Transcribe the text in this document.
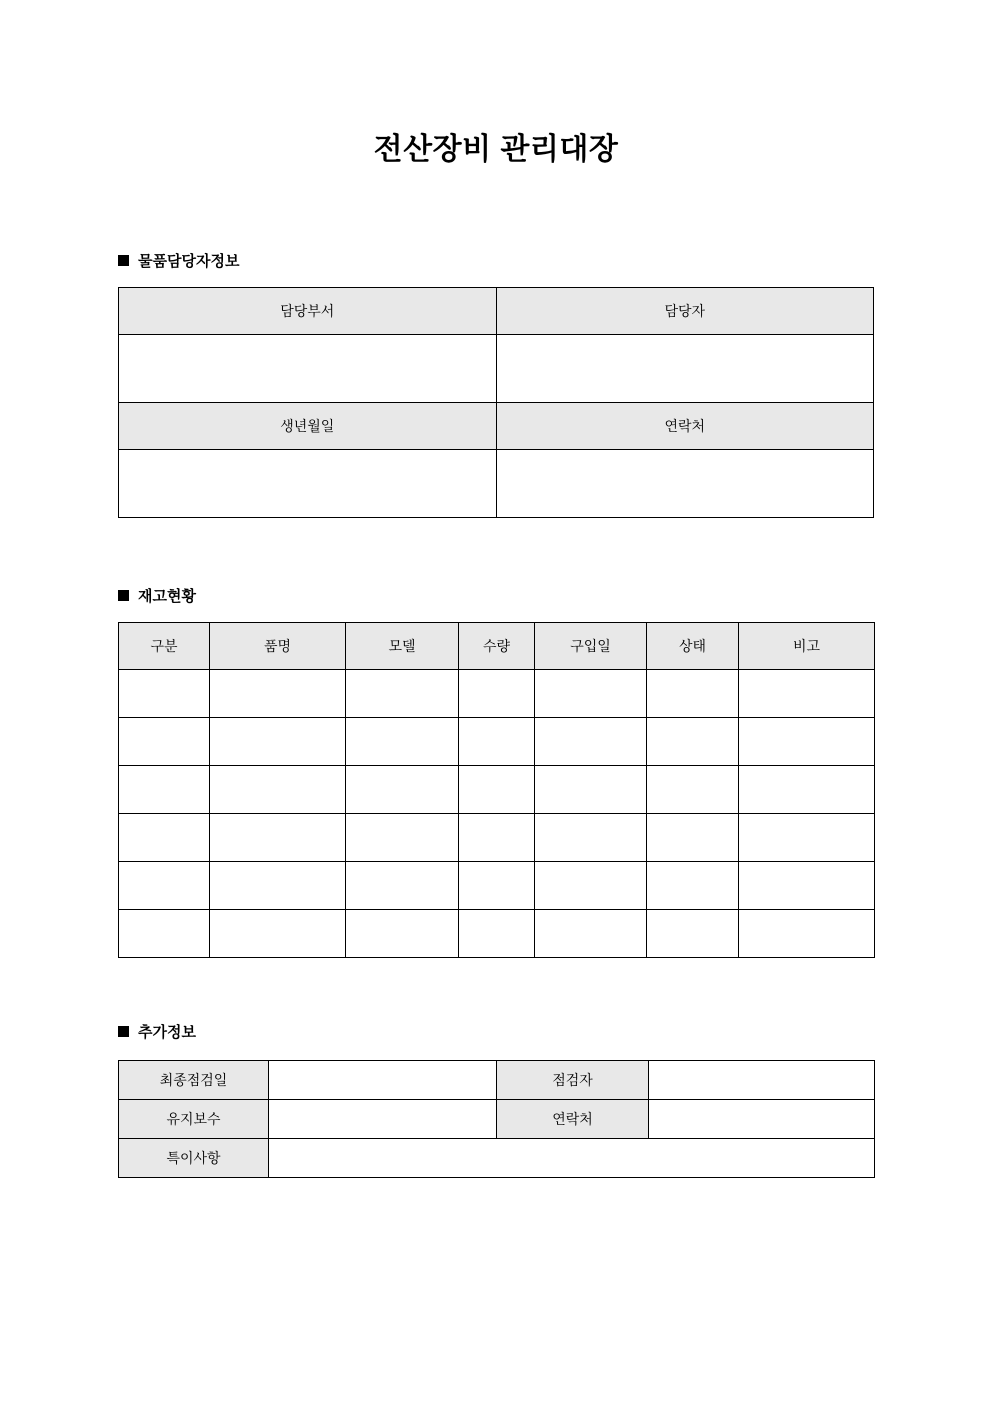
전산장비 관리대장
물품담당자정보
담당부서	담당자

생년월일	연락처

재고현황
구분	품명	모델	수량	구입일	상태	비고

추가정보
최종점검일		점검자	
유지보수		연락처	
특이사항			
